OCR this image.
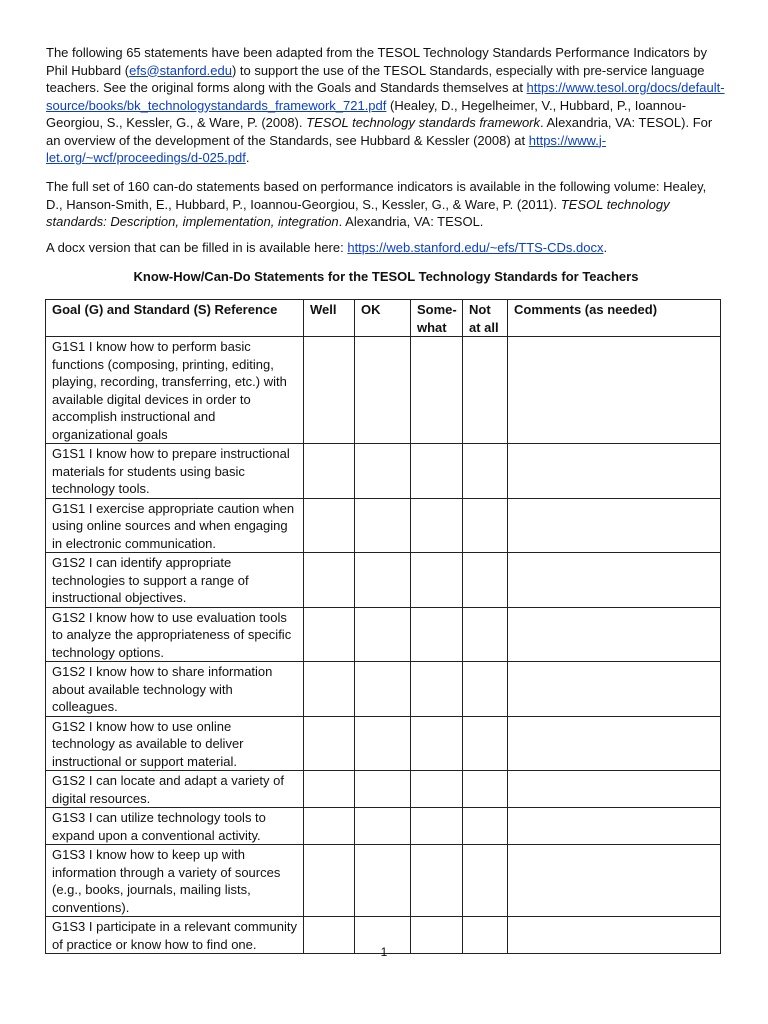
The following 65 statements have been adapted from the TESOL Technology Standards Performance Indicators by Phil Hubbard (efs@stanford.edu) to support the use of the TESOL Standards, especially with pre-service language teachers. See the original forms along with the Goals and Standards themselves at https://www.tesol.org/docs/default-source/books/bk_technologystandards_framework_721.pdf (Healey, D., Hegelheimer, V., Hubbard, P., Ioannou-Georgiou, S., Kessler, G., & Ware, P. (2008). TESOL technology standards framework. Alexandria, VA: TESOL). For an overview of the development of the Standards, see Hubbard & Kessler (2008) at https://www.j-let.org/~wcf/proceedings/d-025.pdf.

The full set of 160 can-do statements based on performance indicators is available in the following volume: Healey, D., Hanson-Smith, E., Hubbard, P., Ioannou-Georgiou, S., Kessler, G., & Ware, P. (2011). TESOL technology standards: Description, implementation, integration. Alexandria, VA: TESOL.

A docx version that can be filled in is available here: https://web.stanford.edu/~efs/TTS-CDs.docx.

Know-How/Can-Do Statements for the TESOL Technology Standards for Teachers

Goal (G) and Standard (S) Reference	Well	OK	Some-what	Not at all	Comments (as needed)
G1S1 I know how to perform basic functions (composing, printing, editing, playing, recording, transferring, etc.) with available digital devices in order to accomplish instructional and organizational goals					
G1S1 I know how to prepare instructional materials for students using basic technology tools.					
G1S1 I exercise appropriate caution when using online sources and when engaging in electronic communication.					
G1S2 I can identify appropriate technologies to support a range of instructional objectives.					
G1S2 I know how to use evaluation tools to analyze the appropriateness of specific technology options.					
G1S2 I know how to share information about available technology with colleagues.					
G1S2 I know how to use online technology as available to deliver instructional or support material.					
G1S2 I can locate and adapt a variety of digital resources.					
G1S3 I can utilize technology tools to expand upon a conventional activity.					
G1S3 I know how to keep up with information through a variety of sources (e.g., books, journals, mailing lists, conventions).					
G1S3 I participate in a relevant community of practice or know how to find one.					
1
